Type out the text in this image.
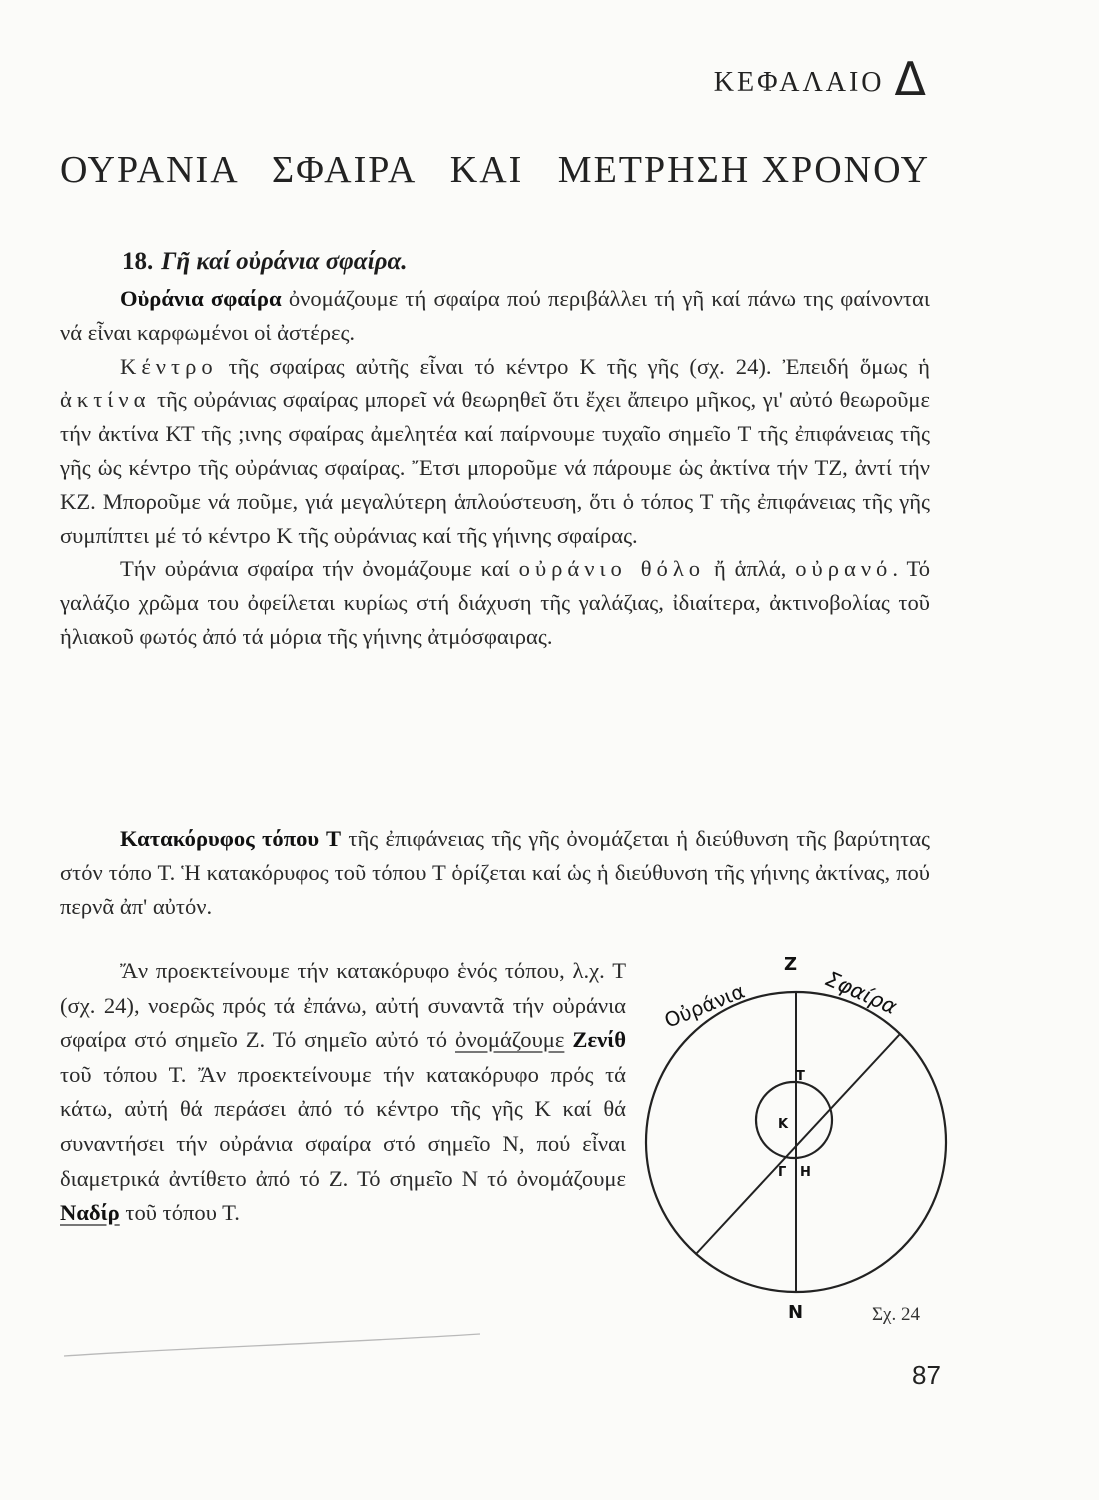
ΚΕΦΑΛΑΙΟ Δ
ΟΥΡΑΝΙΑ   ΣΦΑΙΡΑ   ΚΑΙ   ΜΕΤΡΗΣΗ ΧΡΟΝΟΥ
18. Γῆ καί οὐράνια σφαίρα.

Οὐράνια σφαίρα ὀνομάζουμε τή σφαίρα πού περιβάλλει τή γῆ καί πάνω της φαίνονται νά εἶναι καρφωμένοι οἱ ἀστέρες.

Κέντρο τῆς σφαίρας αὐτῆς εἶναι τό κέντρο Κ τῆς γῆς (σχ. 24). Ἐπειδή ὅμως ἡ ἀκτίνα τῆς οὐράνιας σφαίρας μπορεῖ νά θεωρηθεῖ ὅτι ἔχει ἄπειρο μῆκος, γι' αὐτό θεωροῦμε τήν ἀκτίνα ΚΤ τῆς ;ινης σφαίρας ἀμελητέα καί παίρνουμε τυχαῖο σημεῖο Τ τῆς ἐπιφάνειας τῆς γῆς ὡς κέντρο τῆς οὐράνιας σφαίρας. Ἔτσι μποροῦμε νά πάρουμε ὡς ἀκτίνα τήν ΤΖ, ἀντί τήν ΚΖ. Μποροῦμε νά ποῦμε, γιά μεγαλύτερη ἁπλούστευση, ὅτι ὁ τόπος Τ τῆς ἐπιφάνειας τῆς γῆς συμπίπτει μέ τό κέντρο Κ τῆς οὐράνιας καί τῆς γήινης σφαίρας.

Τήν οὐράνια σφαίρα τήν ὀνομάζουμε καί οὐράνιο θόλο ἤ ἁπλά, οὐρανό. Τό γαλάζιο χρῶμα του ὀφείλεται κυρίως στή διάχυση τῆς γαλάζιας, ἰδιαίτερα, ἀκτινοβολίας τοῦ ἡλιακοῦ φωτός ἀπό τά μόρια τῆς γήινης ἀτμόσφαιρας.

Κατακόρυφος τόπου Τ τῆς ἐπιφάνειας τῆς γῆς ὀνομάζεται ἡ διεύθυνση τῆς βαρύτητας στόν τόπο Τ. Ἡ κατακόρυφος τοῦ τόπου Τ ὁρίζεται καί ὡς ἡ διεύθυνση τῆς γήινης ἀκτίνας, πού περνᾶ ἀπ' αὐτόν.

Ἄν προεκτείνουμε τήν κατακόρυφο ἑνός τόπου, λ.χ. Τ (σχ. 24), νοερῶς πρός τά ἐπάνω, αὐτή συναντᾶ τήν οὐράνια σφαίρα στό σημεῖο Ζ. Τό σημεῖο αὐτό τό ὀνομάζουμε Ζενίθ τοῦ τόπου Τ. Ἄν προεκτείνουμε τήν κατακόρυφο πρός τά κάτω, αὐτή θά περάσει ἀπό τό κέντρο τῆς γῆς Κ καί θά συναντήσει τήν οὐράνια σφαίρα στό σημεῖο Ν, πού εἶναι διαμετρικά ἀντίθετο ἀπό τό Ζ. Τό σημεῖο Ν τό ὀνομάζουμε Ναδίρ τοῦ τόπου Τ.

Οὐράνια	Σφαίρα
Z
T
K
Γ H
N	Σχ. 24
87
